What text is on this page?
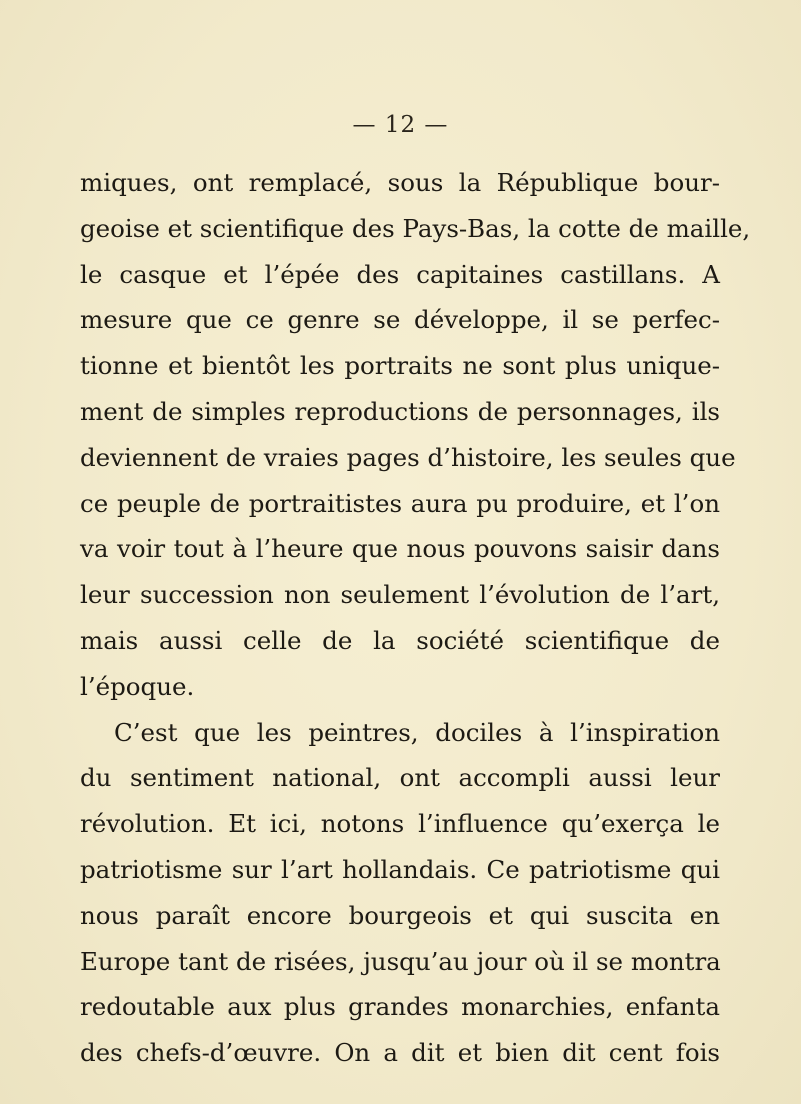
— 12 —
miques, ont remplacé, sous la République bour-
geoise et scientifique des Pays-Bas, la cotte de maille,
le casque et l’épée des capitaines castillans. A
mesure que ce genre se développe, il se perfec-
tionne et bientôt les portraits ne sont plus unique-
ment de simples reproductions de personnages, ils
deviennent de vraies pages d’histoire, les seules que
ce peuple de portraitistes aura pu produire, et l’on
va voir tout à l’heure que nous pouvons saisir dans
leur succession non seulement l’évolution de l’art,
mais aussi celle de la société scientifique de
l’époque.
C’est que les peintres, dociles à l’inspiration
du sentiment national, ont accompli aussi leur
révolution. Et ici, notons l’influence qu’exerça le
patriotisme sur l’art hollandais. Ce patriotisme qui
nous paraît encore bourgeois et qui suscita en
Europe tant de risées, jusqu’au jour où il se montra
redoutable aux plus grandes monarchies, enfanta
des chefs-d’œuvre. On a dit et bien dit cent fois
